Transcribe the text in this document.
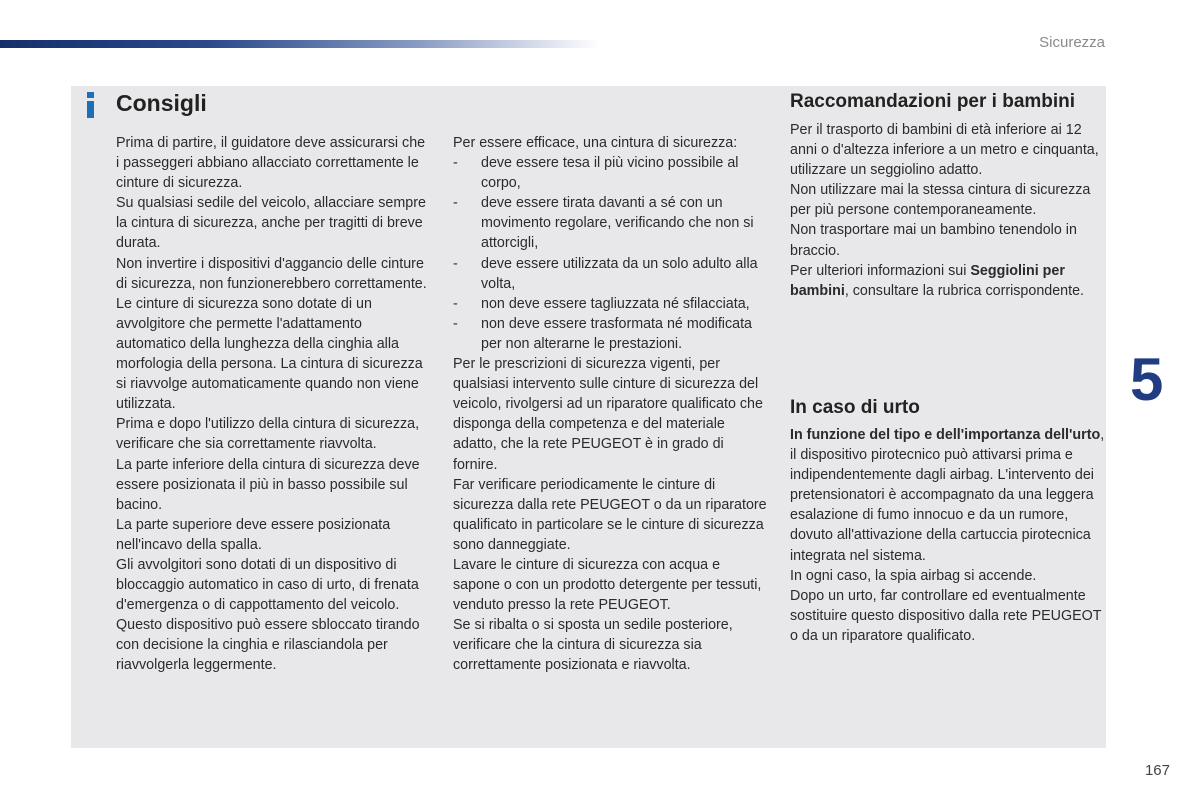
Sicurezza
Consigli

Prima di partire, il guidatore deve assicurarsi che i passeggeri abbiano allacciato correttamente le cinture di sicurezza.

Su qualsiasi sedile del veicolo, allacciare sempre la cintura di sicurezza, anche per tragitti di breve durata.

Non invertire i dispositivi d'aggancio delle cinture di sicurezza, non funzionerebbero correttamente.

Le cinture di sicurezza sono dotate di un avvolgitore che permette l'adattamento automatico della lunghezza della cinghia alla morfologia della persona. La cintura di sicurezza si riavvolge automaticamente quando non viene utilizzata.

Prima e dopo l'utilizzo della cintura di sicurezza, verificare che sia correttamente riavvolta.

La parte inferiore della cintura di sicurezza deve essere posizionata il più in basso possibile sul bacino.

La parte superiore deve essere posizionata nell'incavo della spalla.

Gli avvolgitori sono dotati di un dispositivo di bloccaggio automatico in caso di urto, di frenata d'emergenza o di cappottamento del veicolo. Questo dispositivo può essere sbloccato tirando con decisione la cinghia e rilasciandola per riavvolgerla leggermente.

Per essere efficace, una cintura di sicurezza:

- deve essere tesa il più vicino possibile al corpo,
- deve essere tirata davanti a sé con un movimento regolare, verificando che non si attorcigli,
- deve essere utilizzata da un solo adulto alla volta,
- non deve essere tagliuzzata né sfilacciata,
- non deve essere trasformata né modificata per non alterarne le prestazioni.

Per le prescrizioni di sicurezza vigenti, per qualsiasi intervento sulle cinture di sicurezza del veicolo, rivolgersi ad un riparatore qualificato che disponga della competenza e del materiale adatto, che la rete PEUGEOT è in grado di fornire.

Far verificare periodicamente le cinture di sicurezza dalla rete PEUGEOT o da un riparatore qualificato in particolare se le cinture di sicurezza sono danneggiate.

Lavare le cinture di sicurezza con acqua e sapone o con un prodotto detergente per tessuti, venduto presso la rete PEUGEOT.

Se si ribalta o si sposta un sedile posteriore, verificare che la cintura di sicurezza sia correttamente posizionata e riavvolta.

Raccomandazioni per i bambini

Per il trasporto di bambini di età inferiore ai 12 anni o d'altezza inferiore a un metro e cinquanta, utilizzare un seggiolino adatto.

Non utilizzare mai la stessa cintura di sicurezza per più persone contemporaneamente.

Non trasportare mai un bambino tenendolo in braccio.

Per ulteriori informazioni sui Seggiolini per bambini, consultare la rubrica corrispondente.

In caso di urto

In funzione del tipo e dell'importanza dell'urto, il dispositivo pirotecnico può attivarsi prima e indipendentemente dagli airbag. L'intervento dei pretensionatori è accompagnato da una leggera esalazione di fumo innocuo e da un rumore, dovuto all'attivazione della cartuccia pirotecnica integrata nel sistema.

In ogni caso, la spia airbag si accende.

Dopo un urto, far controllare ed eventualmente sostituire questo dispositivo dalla rete PEUGEOT o da un riparatore qualificato.

5
167
